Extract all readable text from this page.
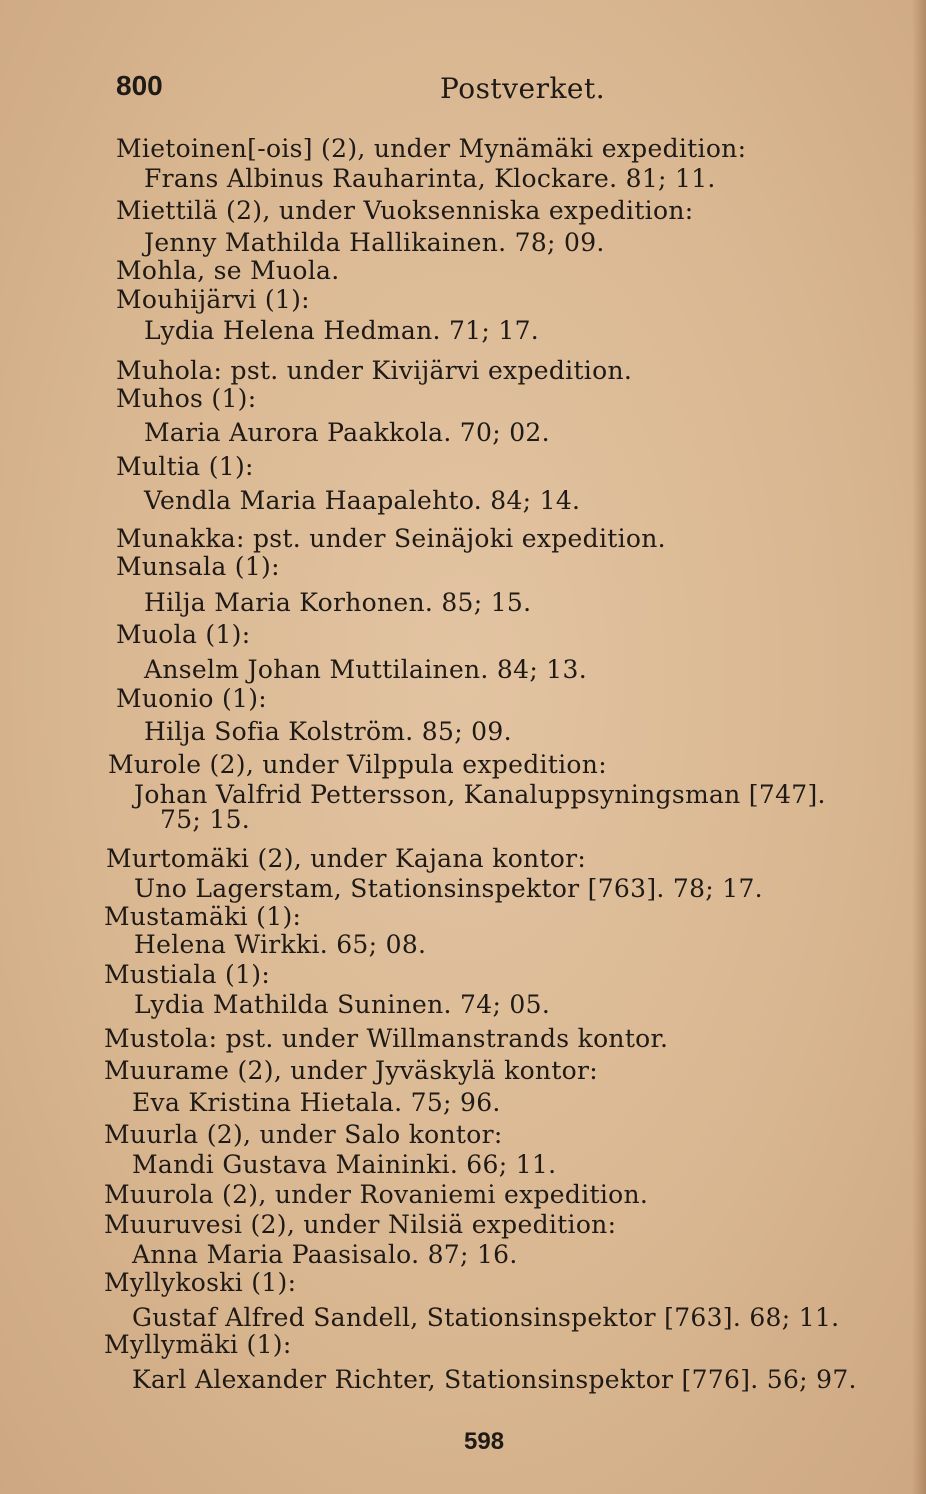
800	Postverket.
Mietoinen[-ois] (2), under Mynämäki expedition:
Frans Albinus Rauharinta, Klockare. 81; 11.
Miettilä (2), under Vuoksenniska expedition:
Jenny Mathilda Hallikainen. 78; 09.
Mohla, se Muola.
Mouhijärvi (1):
Lydia Helena Hedman. 71; 17.
Muhola: pst. under Kivijärvi expedition.
Muhos (1):
Maria Aurora Paakkola. 70; 02.
Multia (1):
Vendla Maria Haapalehto. 84; 14.
Munakka: pst. under Seinäjoki expedition.
Munsala (1):
Hilja Maria Korhonen. 85; 15.
Muola (1):
Anselm Johan Muttilainen. 84; 13.
Muonio (1):
Hilja Sofia Kolström. 85; 09.
Murole (2), under Vilppula expedition:
Johan Valfrid Pettersson, Kanaluppsyningsman [747].
75; 15.
Murtomäki (2), under Kajana kontor:
Uno Lagerstam, Stationsinspektor [763]. 78; 17.
Mustamäki (1):
Helena Wirkki. 65; 08.
Mustiala (1):
Lydia Mathilda Suninen. 74; 05.
Mustola: pst. under Willmanstrands kontor.
Muurame (2), under Jyväskylä kontor:
Eva Kristina Hietala. 75; 96.
Muurla (2), under Salo kontor:
Mandi Gustava Maininki. 66; 11.
Muurola (2), under Rovaniemi expedition.
Muuruvesi (2), under Nilsiä expedition:
Anna Maria Paasisalo. 87; 16.
Myllykoski (1):
Gustaf Alfred Sandell, Stationsinspektor [763]. 68; 11.
Myllymäki (1):
Karl Alexander Richter, Stationsinspektor [776]. 56; 97.
598
